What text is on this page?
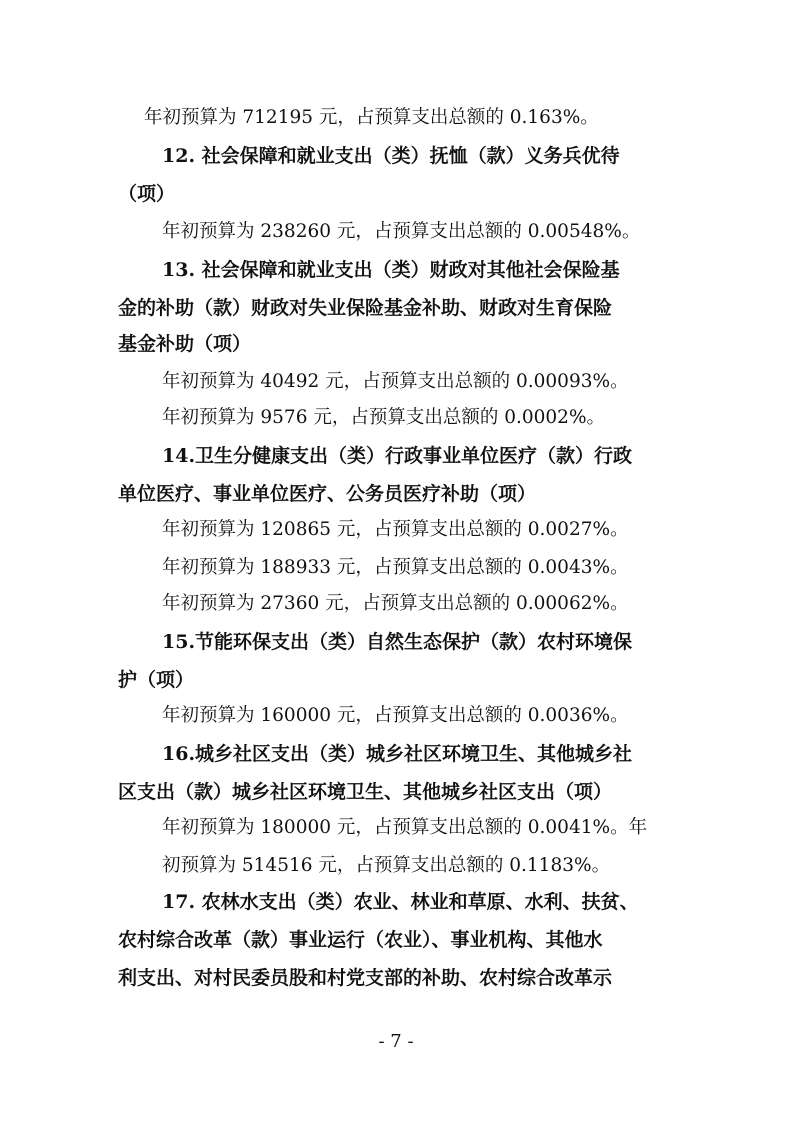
年初预算为 712195 元，占预算支出总额的 0.163%。
12. 社会保障和就业支出（类）抚恤（款）义务兵优待
（项）
年初预算为 238260 元，占预算支出总额的 0.00548%。
13. 社会保障和就业支出（类）财政对其他社会保险基
金的补助（款）财政对失业保险基金补助、财政对生育保险
基金补助（项）
年初预算为 40492 元，占预算支出总额的 0.00093%。
年初预算为 9576 元，占预算支出总额的 0.0002%。
14.卫生分健康支出（类）行政事业单位医疗（款）行政
单位医疗、事业单位医疗、公务员医疗补助（项）
年初预算为 120865 元，占预算支出总额的 0.0027%。
年初预算为 188933 元，占预算支出总额的 0.0043%。
年初预算为 27360 元，占预算支出总额的 0.00062%。
15.节能环保支出（类）自然生态保护（款）农村环境保
护（项）
年初预算为 160000 元，占预算支出总额的 0.0036%。
16.城乡社区支出（类）城乡社区环境卫生、其他城乡社
区支出（款）城乡社区环境卫生、其他城乡社区支出（项）
年初预算为 180000 元，占预算支出总额的 0.0041%。年
初预算为 514516 元，占预算支出总额的 0.1183%。
17. 农林水支出（类）农业、林业和草原、水利、扶贫、
农村综合改革（款）事业运行（农业）、事业机构、其他水
利支出、对村民委员股和村党支部的补助、农村综合改革示
- 7 -
